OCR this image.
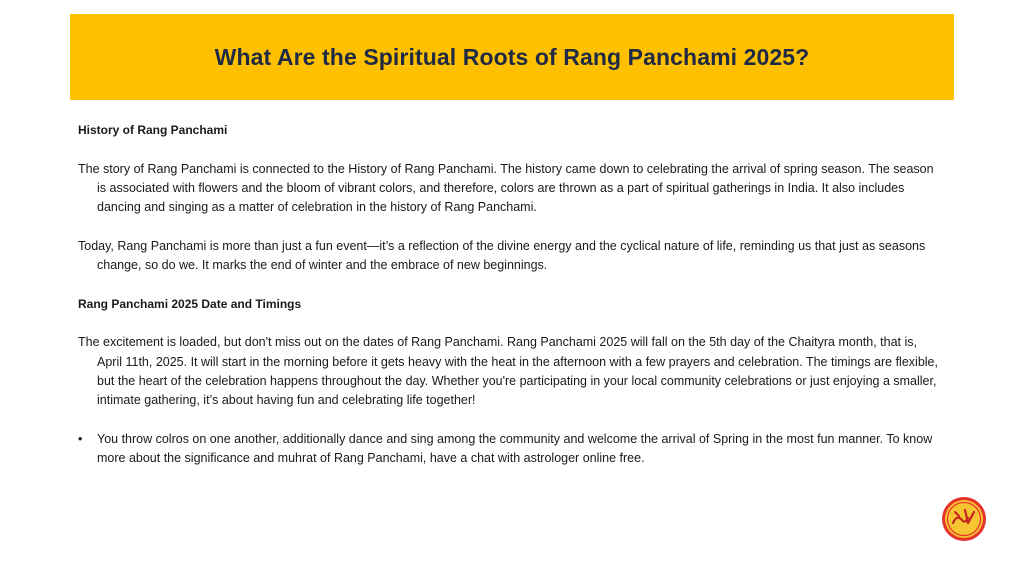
What Are the Spiritual Roots of Rang Panchami 2025?

History of Rang Panchami

The story of Rang Panchami is connected to the History of Rang Panchami. The history came down to celebrating the arrival of spring season. The season is associated with flowers and the bloom of vibrant colors, and therefore, colors are thrown as a part of spiritual gatherings in India. It also includes dancing and singing as a matter of celebration in the history of Rang Panchami.

Today, Rang Panchami is more than just a fun event—it’s a reflection of the divine energy and the cyclical nature of life, reminding us that just as seasons change, so do we. It marks the end of winter and the embrace of new beginnings.

Rang Panchami 2025 Date and Timings

The excitement is loaded, but don't miss out on the dates of Rang Panchami. Rang Panchami 2025 will fall on the 5th day of the Chaityra month, that is, April 11th, 2025. It will start in the morning before it gets heavy with the heat in the afternoon with a few prayers and celebration. The timings are flexible, but the heart of the celebration happens throughout the day. Whether you're participating in your local community celebrations or just enjoying a smaller, intimate gathering, it’s about having fun and celebrating life together!

•	You throw colros on one another, additionally dance and sing among the community and welcome the arrival of Spring in the most fun manner. To know more about the significance and muhrat of Rang Panchami, have a chat with astrologer online free.
